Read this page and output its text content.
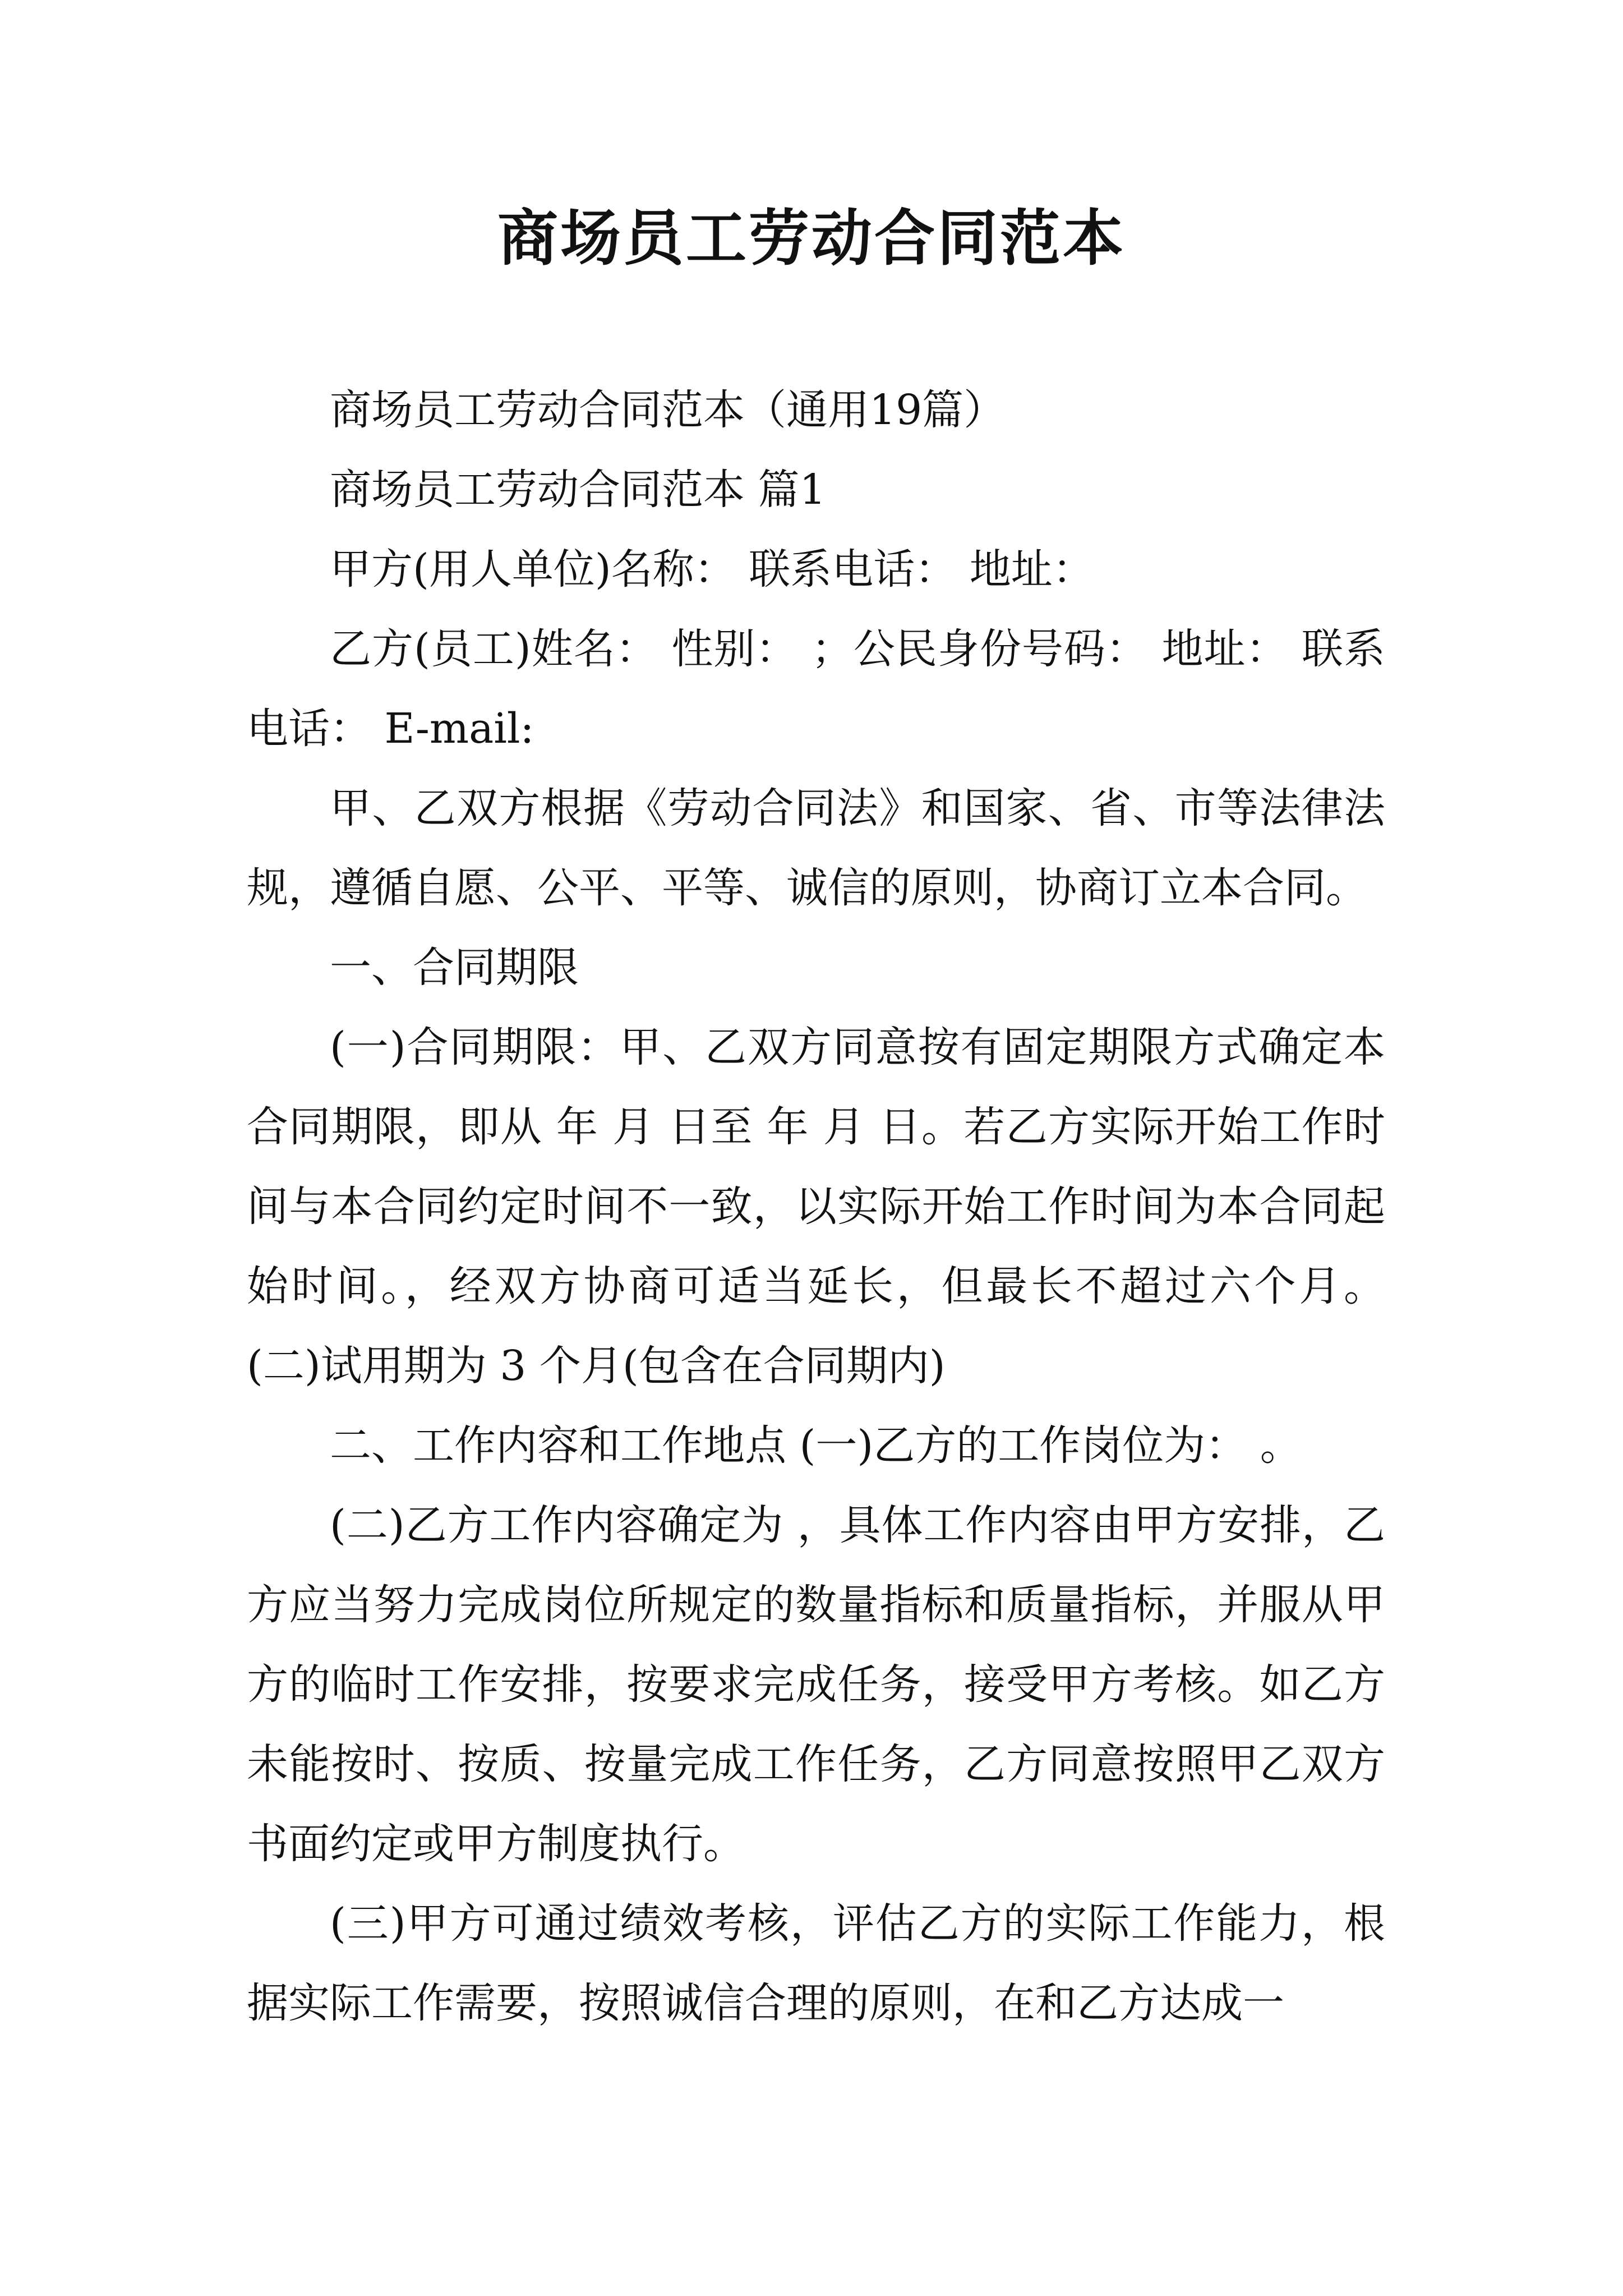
商场员工劳动合同范本

商场员工劳动合同范本（通用19篇）

商场员工劳动合同范本 篇1

甲方(用人单位)名称： 联系电话： 地址：

乙方(员工)姓名： 性别： ；公民身份号码： 地址： 联系电话： E-mail:

甲、乙双方根据《劳动合同法》和国家、省、市等法律法规，遵循自愿、公平、平等、诚信的原则，协商订立本合同。

一、合同期限

(一)合同期限：甲、乙双方同意按有固定期限方式确定本合同期限，即从 年 月 日至 年 月 日。若乙方实际开始工作时间与本合同约定时间不一致，以实际开始工作时间为本合同起始时间。，经双方协商可适当延长，但最长不超过六个月。 (二)试用期为 3 个月(包含在合同期内)

二、工作内容和工作地点 (一)乙方的工作岗位为： 。

(二)乙方工作内容确定为 ，具体工作内容由甲方安排，乙方应当努力完成岗位所规定的数量指标和质量指标，并服从甲方的临时工作安排，按要求完成任务，接受甲方考核。如乙方未能按时、按质、按量完成工作任务，乙方同意按照甲乙双方书面约定或甲方制度执行。

(三)甲方可通过绩效考核，评估乙方的实际工作能力，根据实际工作需要，按照诚信合理的原则，在和乙方达成一
